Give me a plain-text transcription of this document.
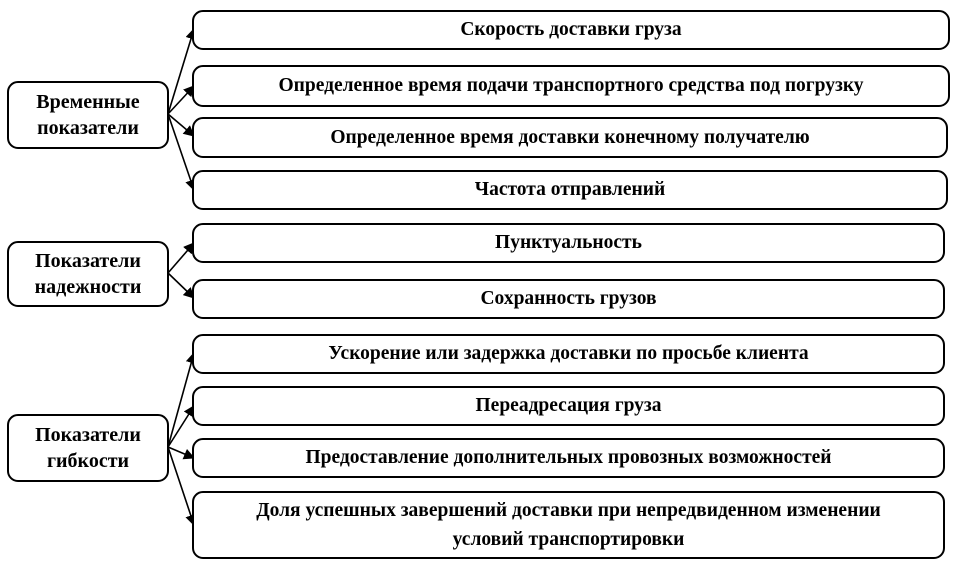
Временные показатели
Показатели надежности
Показатели гибкости
Скорость доставки груза
Определенное время подачи транспортного средства под погрузку
Определенное время доставки конечному получателю
Частота отправлений
Пунктуальность
Сохранность грузов
Ускорение или задержка доставки по просьбе клиента
Переадресация груза
Предоставление дополнительных провозных возможностей
Доля успешных завершений доставки при непредвиденном изменении условий транспортировки
